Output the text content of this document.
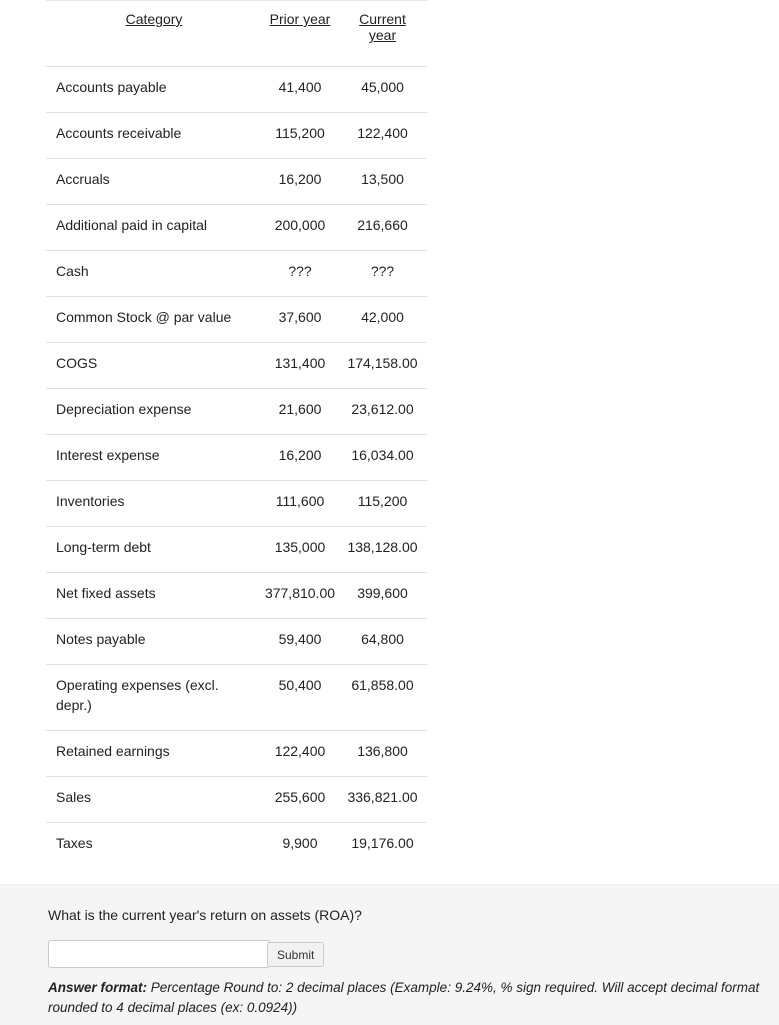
Category	Prior year	Current
year

Accounts payable	41,400	45,000

Accounts receivable	115,200	122,400

Accruals	16,200	13,500

Additional paid in capital	200,000	216,660

Cash	???	???

Common Stock @ par value	37,600	42,000

COGS	131,400	174,158.00

Depreciation expense	21,600	23,612.00

Interest expense	16,200	16,034.00

Inventories	111,600	115,200

Long-term debt	135,000	138,128.00

Net fixed assets	377,810.00	399,600

Notes payable	59,400	64,800

Operating expenses (excl. depr.)	50,400	61,858.00

Retained earnings	122,400	136,800

Sales	255,600	336,821.00

Taxes	9,900	19,176.00
What is the current year's return on assets (ROA)?
Submit
Answer format: Percentage Round to: 2 decimal places (Example: 9.24%, % sign required. Will accept decimal format rounded to 4 decimal places (ex: 0.0924))
